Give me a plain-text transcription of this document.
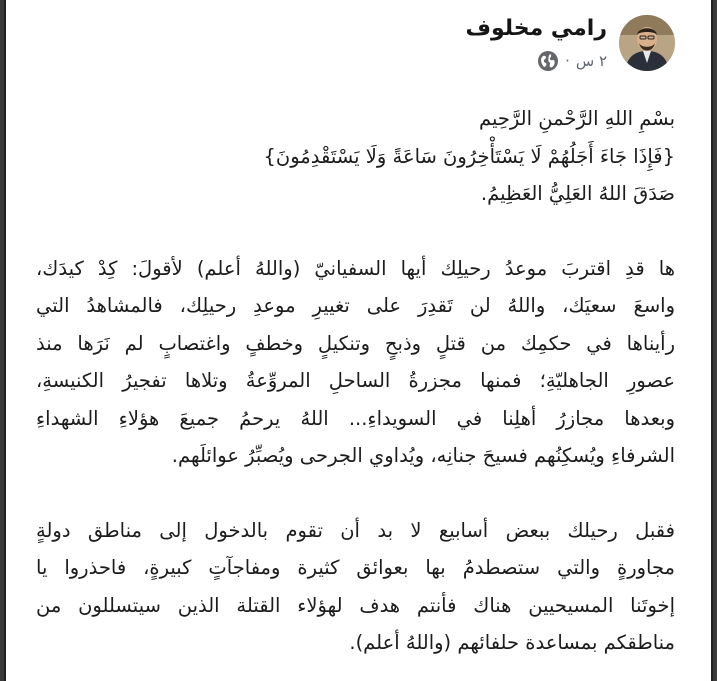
رامي مخلوف
٢ س
·
بسْمِ اللهِ الرَّحْمنِ الرَّحِيم
{فَإِذَا جَاءَ أَجَلُهُمْ لَا يَسْتَأْخِرُونَ سَاعَةً وَلَا يَسْتَقْدِمُونَ}
صَدَقَ اللهُ العَلِيُّ العَظِيمُ.
ها قدِ اقتربَ موعدُ رحيلِك أيها السفيانيّ (واللهُ أعلم) لأقولَ: كِدْ كيدَك،
واسعَ سعيَك، واللهُ لن تَقدِرَ على تغييرِ موعدِ رحيلِك، فالمشاهدُ التي
رأيناها في حكمِك من قتلٍ وذبحٍ وتنكيلٍ وخطفٍ واغتصابٍ لم نَرَها منذ
عصورِ الجاهليّةِ؛ فمنها مجزرةُ الساحلِ المروِّعةُ وتلاها تفجيرُ الكنيسةِ،
وبعدها مجازرُ أهلِنا في السويداءِ... اللهُ يرحمُ جميعَ هؤلاءِ الشهداءِ
الشرفاءِ ويُسكِنُهم فسيحَ جنانِه، ويُداوي الجرحى ويُصبِّرُ عوائلَهم.
فقبل رحيلك ببعض أسابيع لا بد أن تقوم بالدخول إلى مناطق دولةٍ
مجاورةٍ والتي ستصطدمُ بها بعوائق كثيرة ومفاجآتٍ كبيرةٍ، فاحذروا يا
إخوتَنا المسيحيين هناك فأنتم هدف لهؤلاء القتلة الذين سيتسللون من
مناطقكم بمساعدة حلفائهم (واللهُ أعلم).
